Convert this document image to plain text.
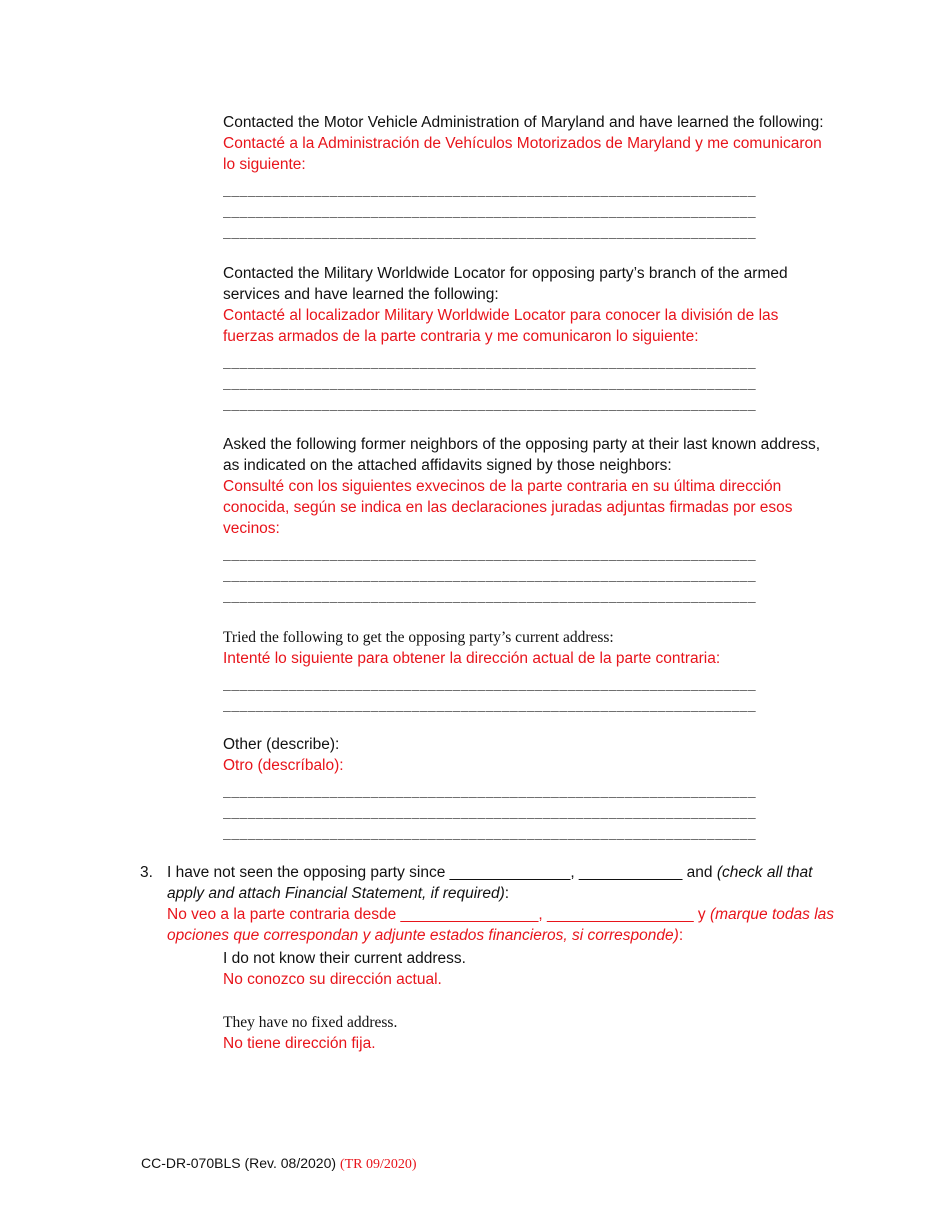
Contacted the Motor Vehicle Administration of Maryland and have learned the following:

Contacté a la Administración de Vehículos Motorizados de Maryland y me comunicaron lo siguiente:

_________________________________________________________________
_________________________________________________________________
_________________________________________________________________

Contacted the Military Worldwide Locator for opposing party’s branch of the armed services and have learned the following:

Contacté al localizador Military Worldwide Locator para conocer la división de las fuerzas armados de la parte contraria y me comunicaron lo siguiente:

_________________________________________________________________
_________________________________________________________________
_________________________________________________________________

Asked the following former neighbors of the opposing party at their last known address, as indicated on the attached affidavits signed by those neighbors:

Consulté con los siguientes exvecinos de la parte contraria en su última dirección conocida, según se indica en las declaraciones juradas adjuntas firmadas por esos vecinos:

_________________________________________________________________
_________________________________________________________________
_________________________________________________________________

Tried the following to get the opposing party’s current address:

Intenté lo siguiente para obtener la dirección actual de la parte contraria:

_________________________________________________________________
_________________________________________________________________

Other (describe):

Otro (descríbalo):

_________________________________________________________________
_________________________________________________________________
_________________________________________________________________
3. I have not seen the opposing party since ______________, ____________ and (check all that apply and attach Financial Statement, if required):

No veo a la parte contraria desde ________________, _________________ y (marque todas las opciones que correspondan y adjunte estados financieros, si corresponde):

I do not know their current address.

No conozco su dirección actual.

They have no fixed address.

No tiene dirección fija.

CC-DR-070BLS (Rev. 08/2020) (TR 09/2020)
